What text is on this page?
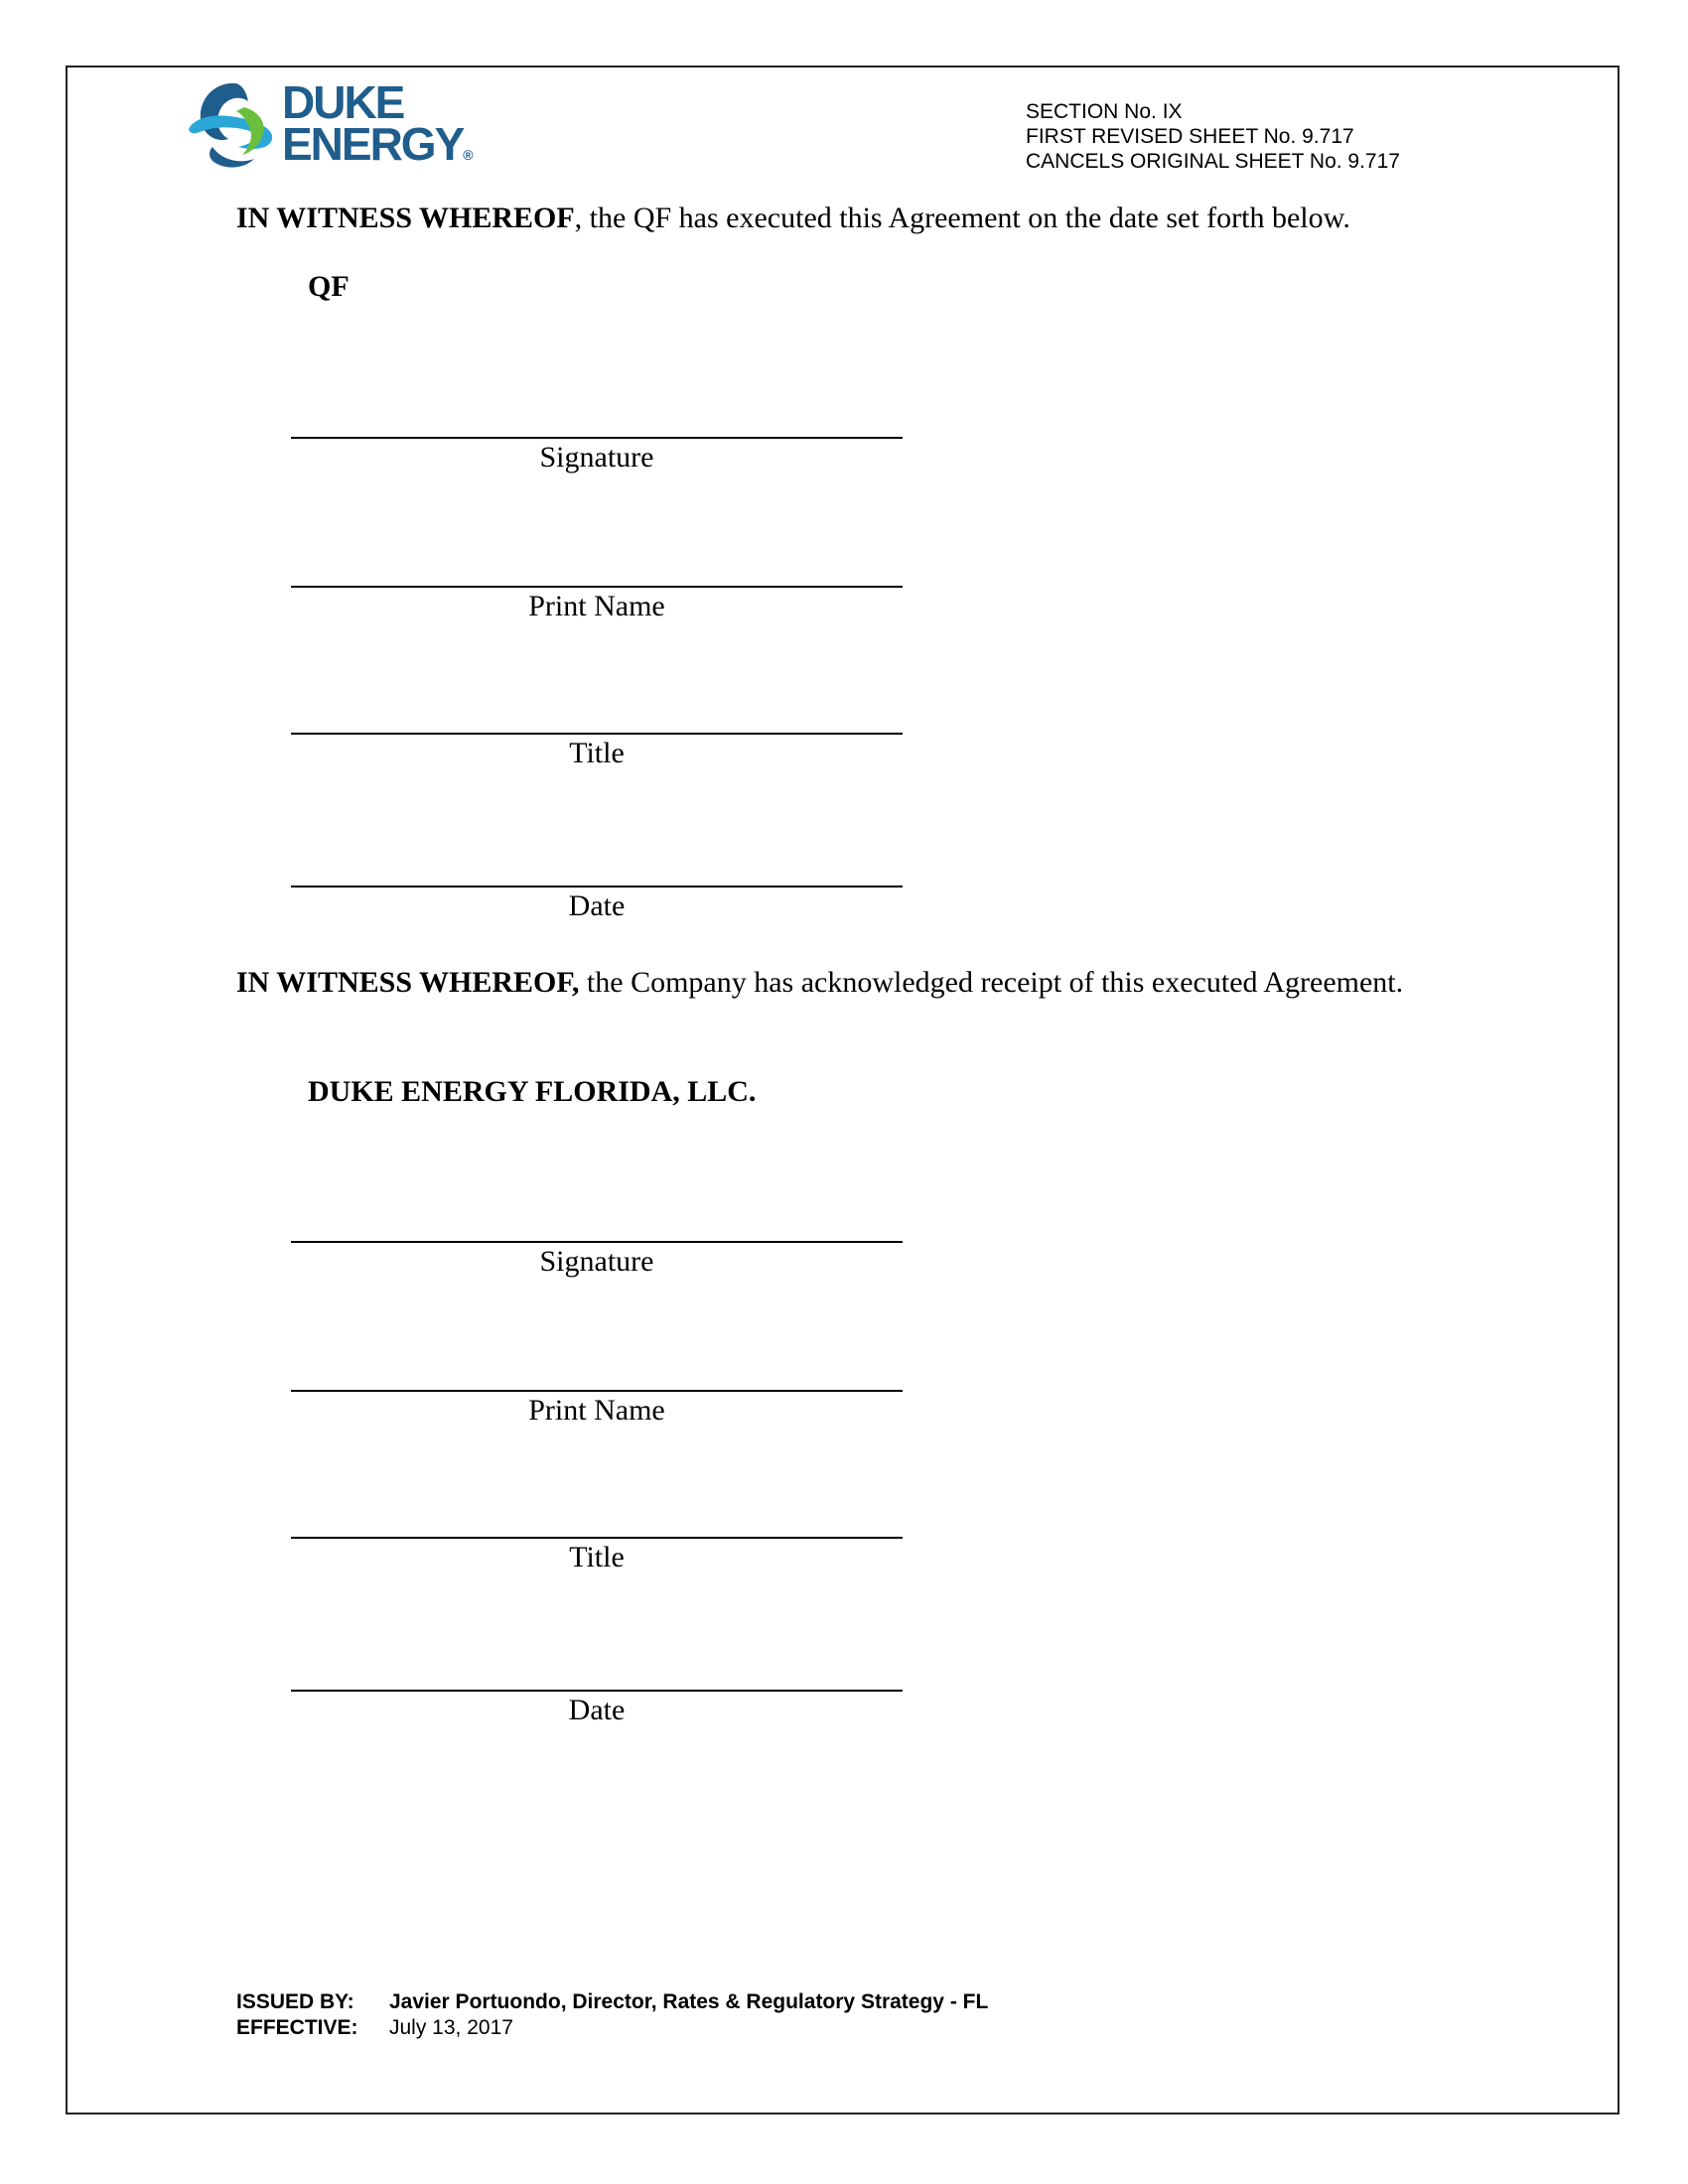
DUKE
ENERGY®
SECTION No. IX
FIRST REVISED SHEET No. 9.717
CANCELS ORIGINAL SHEET No. 9.717
IN WITNESS WHEREOF, the QF has executed this Agreement on the date set forth below.
QF
Signature
Print Name
Title
Date
IN WITNESS WHEREOF, the Company has acknowledged receipt of this executed Agreement.
DUKE ENERGY FLORIDA, LLC.
Signature
Print Name
Title
Date
ISSUED BY: Javier Portuondo, Director, Rates & Regulatory Strategy - FL
EFFECTIVE: July 13, 2017
